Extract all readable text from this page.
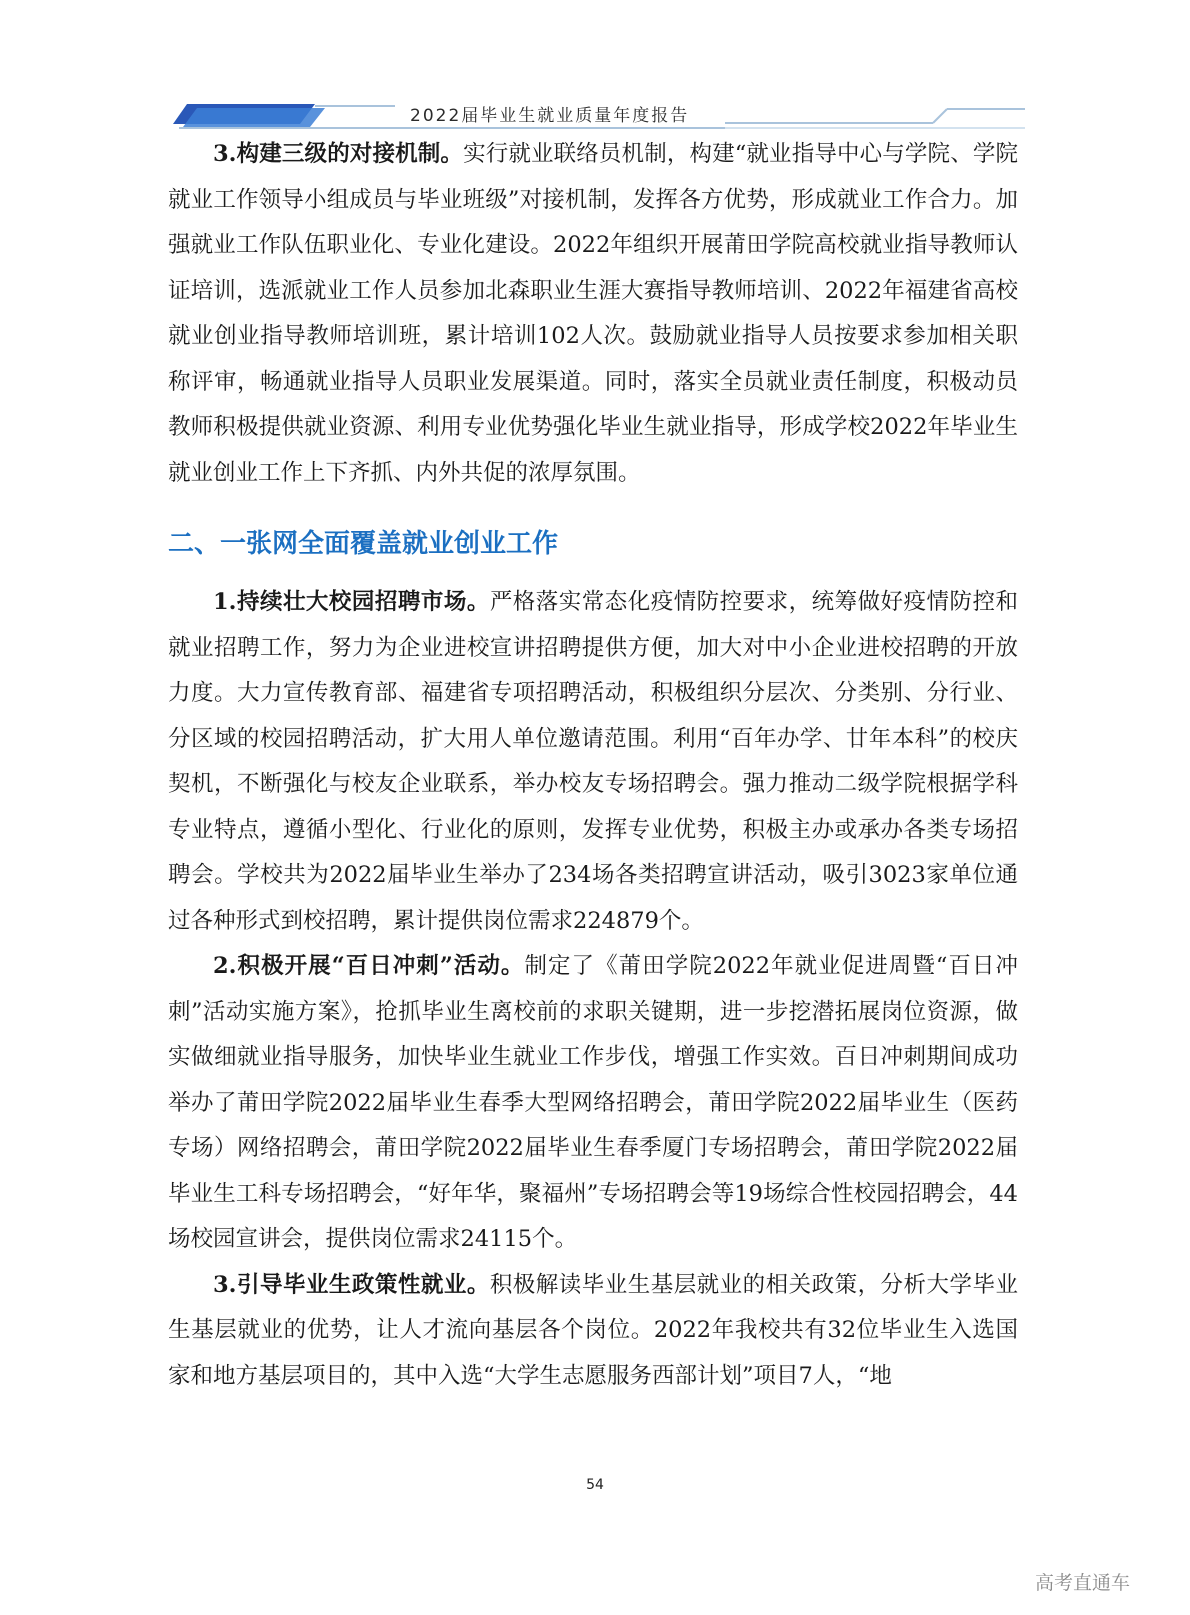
2022届毕业生就业质量年度报告

3.构建三级的对接机制。实行就业联络员机制，构建“就业指导中心与学院、学院就业工作领导小组成员与毕业班级”对接机制，发挥各方优势，形成就业工作合力。加强就业工作队伍职业化、专业化建设。2022年组织开展莆田学院高校就业指导教师认证培训，选派就业工作人员参加北森职业生涯大赛指导教师培训、2022年福建省高校就业创业指导教师培训班，累计培训102人次。鼓励就业指导人员按要求参加相关职称评审，畅通就业指导人员职业发展渠道。同时，落实全员就业责任制度，积极动员教师积极提供就业资源、利用专业优势强化毕业生就业指导，形成学校2022年毕业生就业创业工作上下齐抓、内外共促的浓厚氛围。

二、一张网全面覆盖就业创业工作

1.持续壮大校园招聘市场。严格落实常态化疫情防控要求，统筹做好疫情防控和就业招聘工作，努力为企业进校宣讲招聘提供方便，加大对中小企业进校招聘的开放力度。大力宣传教育部、福建省专项招聘活动，积极组织分层次、分类别、分行业、分区域的校园招聘活动，扩大用人单位邀请范围。利用“百年办学、廿年本科”的校庆契机，不断强化与校友企业联系，举办校友专场招聘会。强力推动二级学院根据学科专业特点，遵循小型化、行业化的原则，发挥专业优势，积极主办或承办各类专场招聘会。学校共为2022届毕业生举办了234场各类招聘宣讲活动，吸引3023家单位通过各种形式到校招聘，累计提供岗位需求224879个。

2.积极开展“百日冲刺”活动。制定了《莆田学院2022年就业促进周暨“百日冲刺”活动实施方案》，抢抓毕业生离校前的求职关键期，进一步挖潜拓展岗位资源，做实做细就业指导服务，加快毕业生就业工作步伐，增强工作实效。百日冲刺期间成功举办了莆田学院2022届毕业生春季大型网络招聘会，莆田学院2022届毕业生（医药专场）网络招聘会，莆田学院2022届毕业生春季厦门专场招聘会，莆田学院2022届毕业生工科专场招聘会，“好年华，聚福州”专场招聘会等19场综合性校园招聘会，44场校园宣讲会，提供岗位需求24115个。

3.引导毕业生政策性就业。积极解读毕业生基层就业的相关政策，分析大学毕业生基层就业的优势，让人才流向基层各个岗位。2022年我校共有32位毕业生入选国家和地方基层项目的，其中入选“大学生志愿服务西部计划”项目7人，“地

54
高考直通车
